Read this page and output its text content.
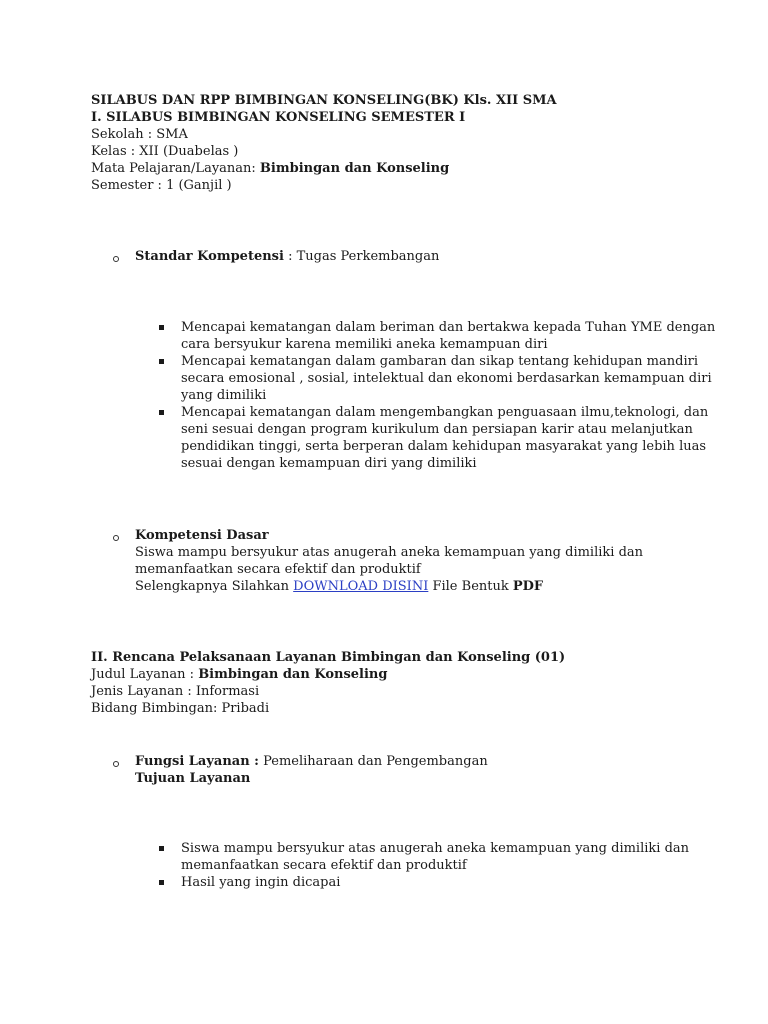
SILABUS DAN RPP BIMBINGAN KONSELING(BK) Kls. XII SMA
I. SILABUS BIMBINGAN KONSELING SEMESTER I
Sekolah : SMA
Kelas : XII (Duabelas )
Mata Pelajaran/Layanan: Bimbingan dan Konseling
Semester : 1 (Ganjil )
Standar Kompetensi : Tugas Perkembangan
Mencapai kematangan dalam beriman dan bertakwa kepada Tuhan YME dengan
cara bersyukur karena memiliki aneka kemampuan diri
Mencapai kematangan dalam gambaran dan sikap tentang kehidupan mandiri
secara emosional , sosial, intelektual dan ekonomi berdasarkan kemampuan diri
yang dimiliki
Mencapai kematangan dalam mengembangkan penguasaan ilmu,teknologi, dan
seni sesuai dengan program kurikulum dan persiapan karir atau melanjutkan
pendidikan tinggi, serta berperan dalam kehidupan masyarakat yang lebih luas
sesuai dengan kemampuan diri yang dimiliki
Kompetensi Dasar
Siswa mampu bersyukur atas anugerah aneka kemampuan yang dimiliki dan
memanfaatkan secara efektif dan produktif
Selengkapnya Silahkan DOWNLOAD DISINI File Bentuk PDF
II. Rencana Pelaksanaan Layanan Bimbingan dan Konseling (01)
Judul Layanan : Bimbingan dan Konseling
Jenis Layanan : Informasi
Bidang Bimbingan: Pribadi
Fungsi Layanan : Pemeliharaan dan Pengembangan
Tujuan Layanan
Siswa mampu bersyukur atas anugerah aneka kemampuan yang dimiliki dan
memanfaatkan secara efektif dan produktif
Hasil yang ingin dicapai
